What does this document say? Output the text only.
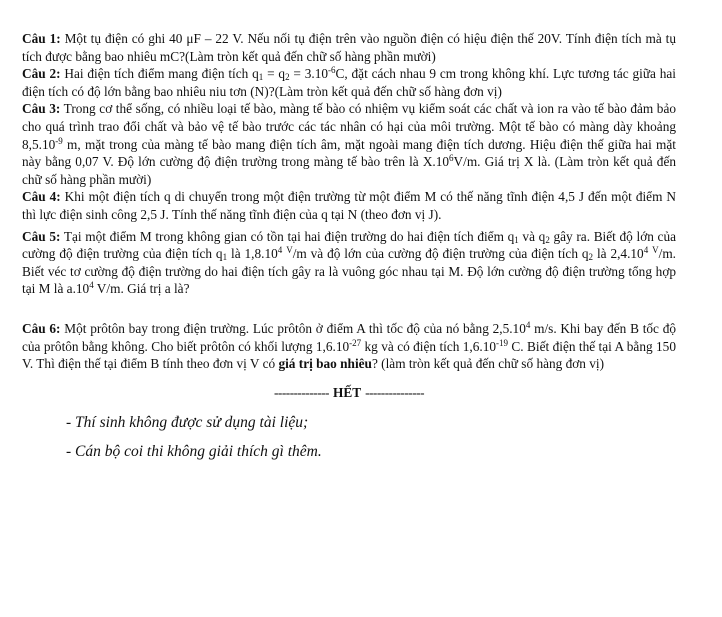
Câu 1: Một tụ điện có ghi 40 μF – 22 V. Nếu nối tụ điện trên vào nguồn điện có hiệu điện thế 20V. Tính điện tích mà tụ tích được bằng bao nhiêu mC?(Làm tròn kết quả đến chữ số hàng phần mười)

Câu 2: Hai điện tích điểm mang điện tích $q_1 = q_2 = 3.10^{-6}C$, đặt cách nhau 9 cm trong không khí. Lực tương tác giữa hai điện tích có độ lớn bằng bao nhiêu niu tơn (N)?(Làm tròn kết quả đến chữ số hàng đơn vị)

Câu 3: Trong cơ thể sống, có nhiều loại tế bào, màng tế bào có nhiệm vụ kiểm soát các chất và ion ra vào tế bào đảm bảo cho quá trình trao đổi chất và bảo vệ tế bào trước các tác nhân có hại của môi trường. Một tế bào có màng dày khoảng $8,5.10^{-9}$ m, mặt trong của màng tế bào mang điện tích âm, mặt ngoài mang điện tích dương. Hiệu điện thế giữa hai mặt này bằng 0,07 V. Độ lớn cường độ điện trường trong màng tế bào trên là $X.10^6V/m$. Giá trị X là. (Làm tròn kết quả đến chữ số hàng phần mười)

Câu 4: Khi một điện tích q di chuyển trong một điện trường từ một điểm M có thế năng tĩnh điện 4,5 J đến một điểm N thì lực điện sinh công 2,5 J. Tính thế năng tĩnh điện của q tại N (theo đơn vị J).

Câu 5: Tại một điểm M trong không gian có tồn tại hai điện trường do hai điện tích điểm $q_1$ và $q_2$ gây ra. Biết độ lớn của cường độ điện trường của điện tích $q_1$ là 1,8.10$^4$ $^V$/m và độ lớn của cường độ điện trường của điện tích $q_2$ là 2,4.10$^4$ $^V$/m. Biết véc tơ cường độ điện trường do hai điện tích gây ra là vuông góc nhau tại M. Độ lớn cường độ điện trường tổng hợp tại M là $a.10^4$ V/m. Giá trị a là?

Câu 6: Một prôtôn bay trong điện trường. Lúc prôtôn ở điểm A thì tốc độ của nó bằng 2,5.10$^4$ m/s. Khi bay đến B tốc độ của prôtôn bằng không. Cho biết prôtôn có khối lượng $1,6.10^{-27}$ kg và có điện tích $1,6.10^{-19}$ C. Biết điện thế tại A bằng 150 V. Thì điện thế tại điểm B tính theo đơn vị V có giá trị bao nhiêu? (làm tròn kết quả đến chữ số hàng đơn vị)

-------------- HẾT ---------------
- Thí sinh không được sử dụng tài liệu;
- Cán bộ coi thi không giải thích gì thêm.
